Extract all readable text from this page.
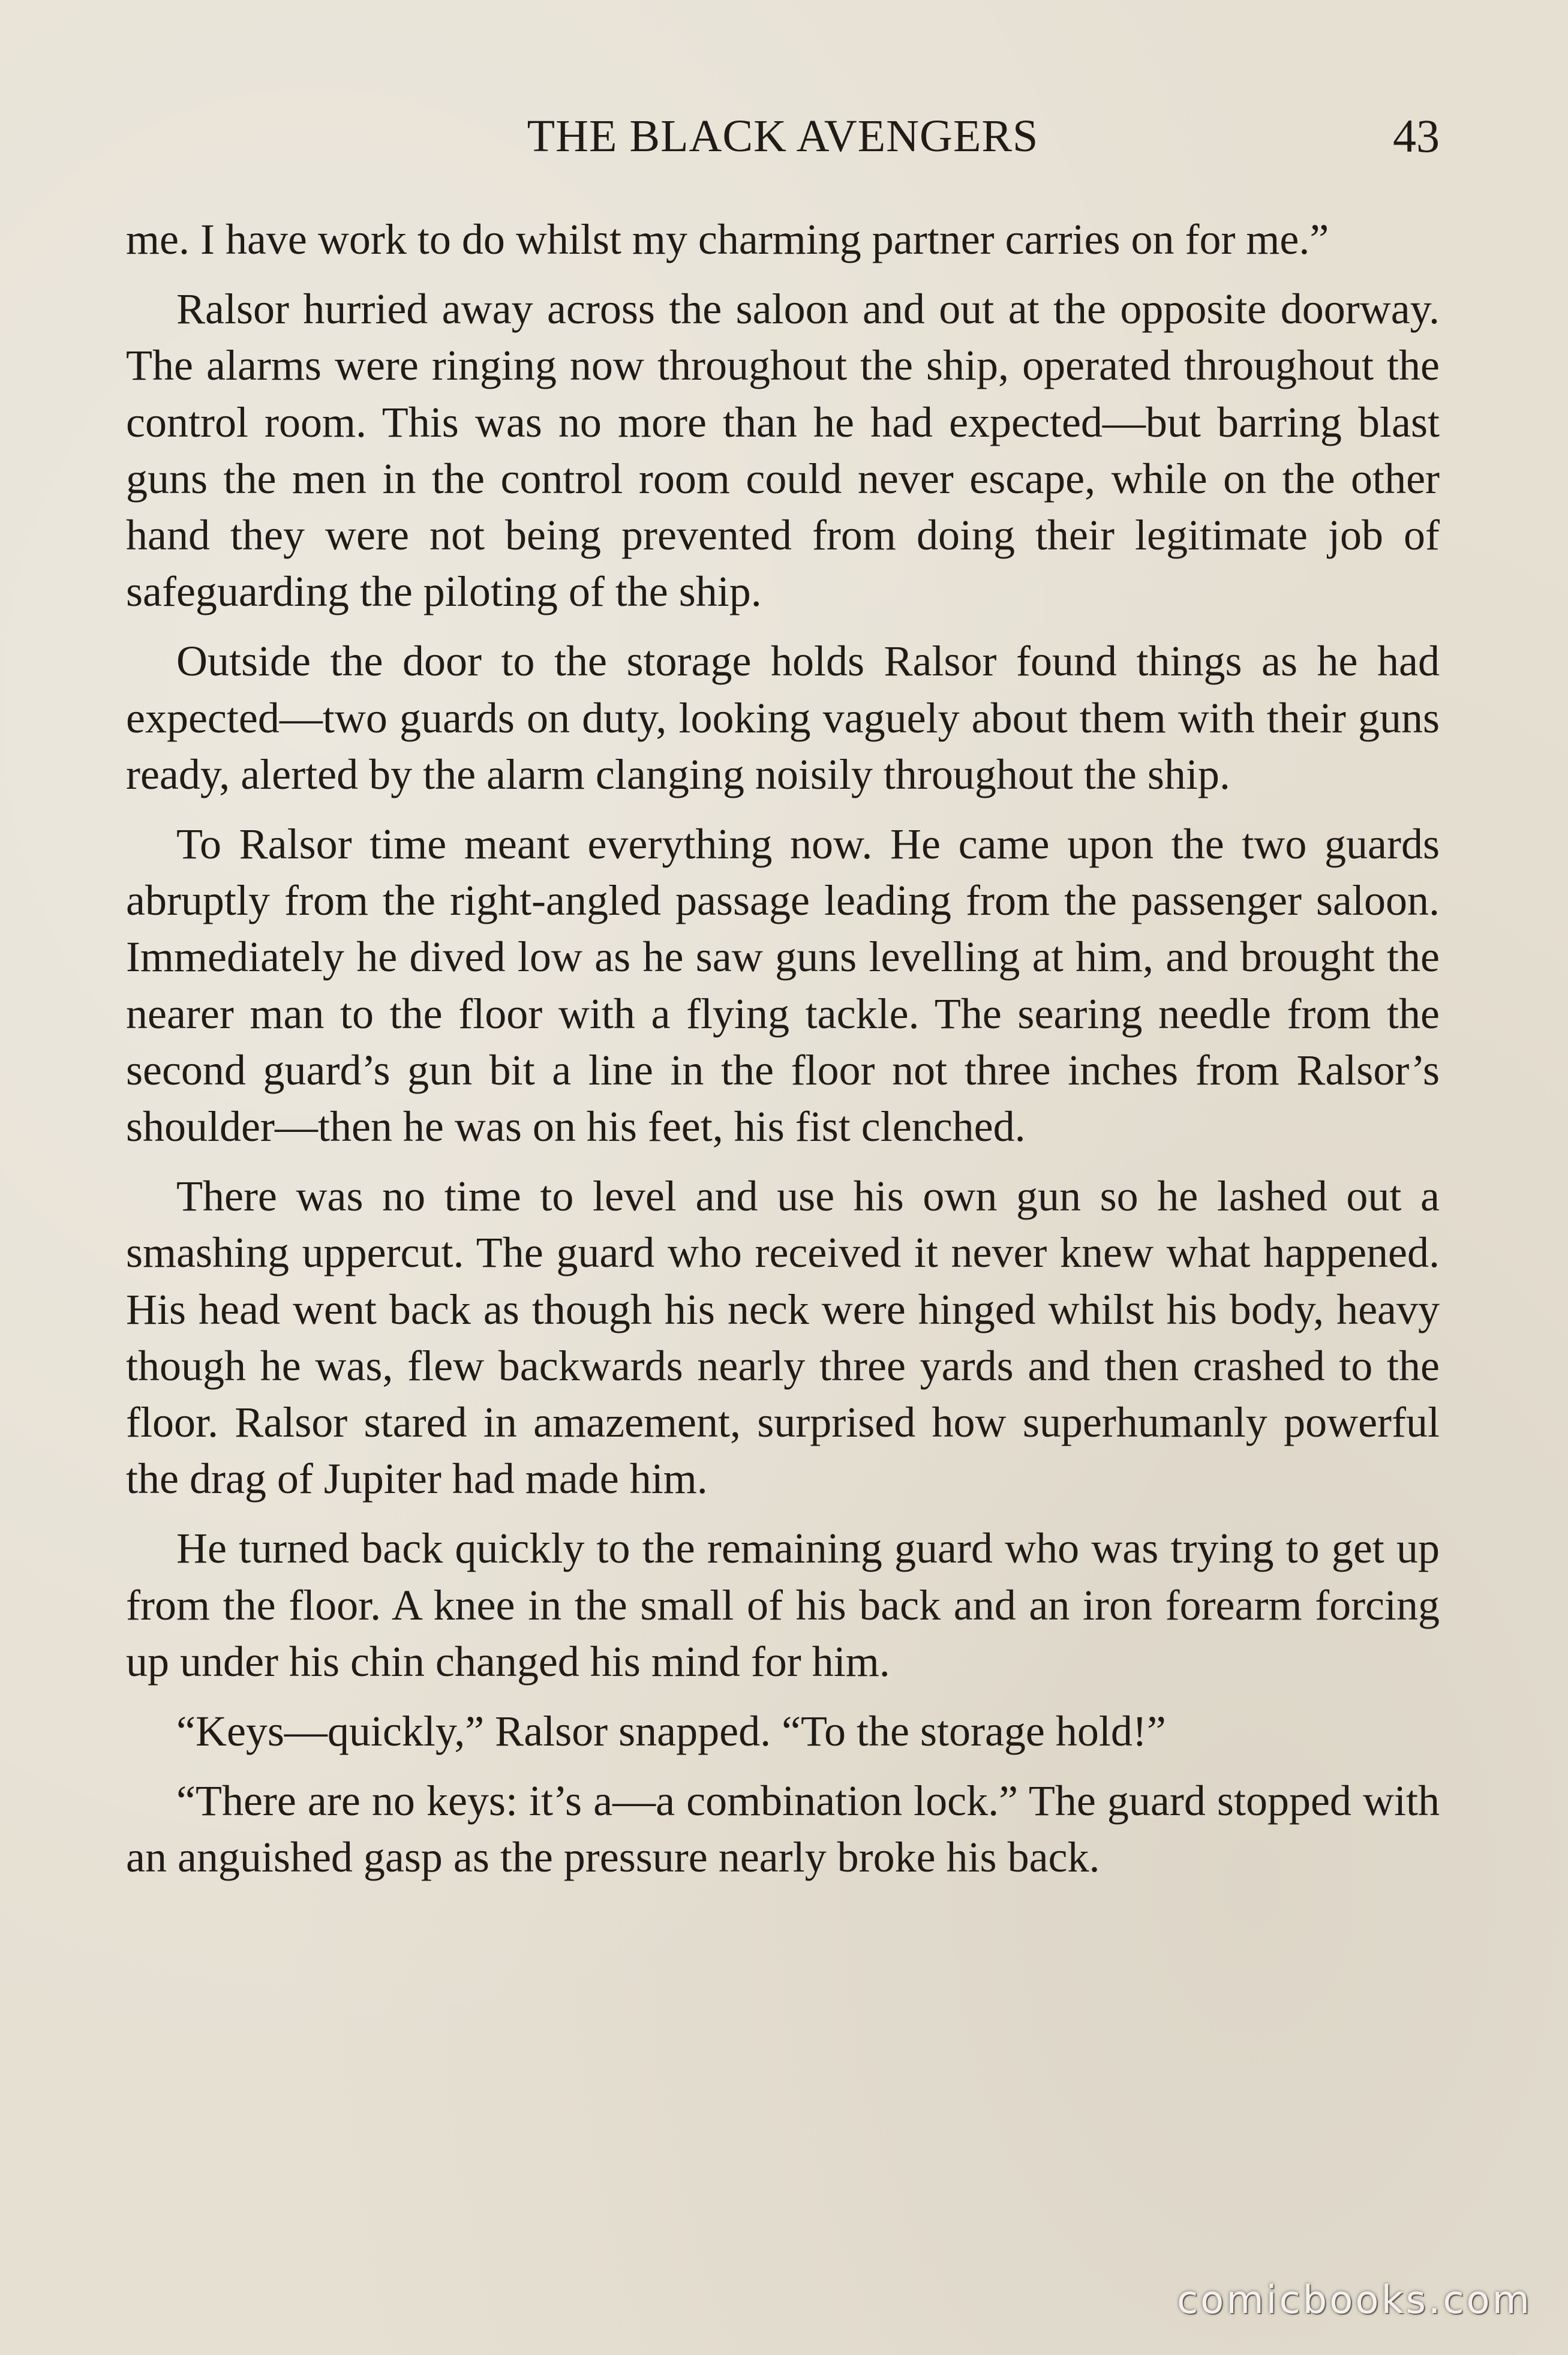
THE BLACK AVENGERS	43

me. I have work to do whilst my charming partner carries on for me.”

Ralsor hurried away across the saloon and out at the opposite doorway. The alarms were ringing now throughout the ship, operated throughout the control room. This was no more than he had expected—but barring blast guns the men in the control room could never escape, while on the other hand they were not being prevented from doing their legitimate job of safeguarding the piloting of the ship.

Outside the door to the storage holds Ralsor found things as he had expected—two guards on duty, looking vaguely about them with their guns ready, alerted by the alarm clanging noisily throughout the ship.

To Ralsor time meant everything now. He came upon the two guards abruptly from the right-angled passage leading from the passenger saloon. Immediately he dived low as he saw guns levelling at him, and brought the nearer man to the floor with a flying tackle. The searing needle from the second guard’s gun bit a line in the floor not three inches from Ralsor’s shoulder—then he was on his feet, his fist clenched.

There was no time to level and use his own gun so he lashed out a smashing uppercut. The guard who received it never knew what happened. His head went back as though his neck were hinged whilst his body, heavy though he was, flew backwards nearly three yards and then crashed to the floor. Ralsor stared in amazement, surprised how superhumanly powerful the drag of Jupiter had made him.

He turned back quickly to the remaining guard who was trying to get up from the floor. A knee in the small of his back and an iron forearm forcing up under his chin changed his mind for him.

“Keys—quickly,” Ralsor snapped. “To the storage hold!”

“There are no keys: it’s a—a combination lock.” The guard stopped with an anguished gasp as the pressure nearly broke his back.

comicbooks.com
